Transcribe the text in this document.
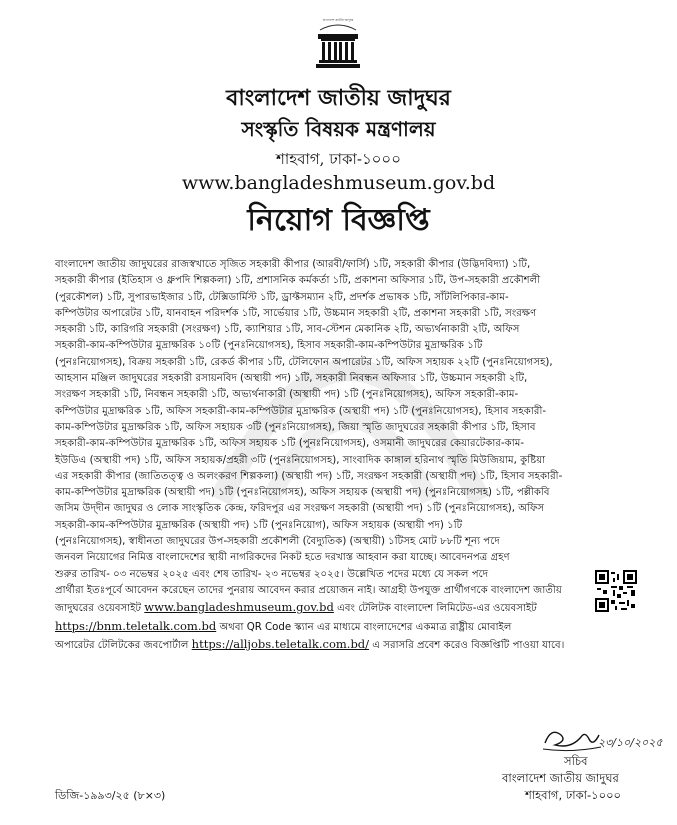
বাংলাদেশ জাতীয় জাদুঘর
বাংলাদেশ জাতীয় জাদুঘর
সংস্কৃতি বিষয়ক মন্ত্রণালয়
শাহবাগ, ঢাকা-১০০০
www.bangladeshmuseum.gov.bd
নিয়োগ বিজ্ঞপ্তি

বাংলাদেশ জাতীয় জাদুঘরের রাজস্বখাতে সৃজিত সহকারী কীপার (আরবী/ফার্সি) ১টি, সহকারী কীপার (উদ্ভিদবিদ্যা) ১টি,

সহকারী কীপার (ইতিহাস ও ধ্রুপদি শিল্পকলা) ১টি, প্রশাসনিক কর্মকর্তা ১টি, প্রকাশনা অফিসার ১টি, উপ-সহকারী প্রকৌশলী

(পুরকৌশল) ১টি, সুপারভাইজার ১টি, টেক্সিডার্মিস্ট ১টি, ড্রাফ্টসম্যান ২টি, প্রদর্শক প্রভাষক ১টি, সাঁটলিপিকার-কাম-

কম্পিউটার অপারেটর ১টি, যানবাহন পরিদর্শক ১টি, সার্ভেয়ার ১টি, উচ্চমান সহকারী ২টি, প্রকাশনা সহকারী ১টি, সংরক্ষণ

সহকারী ১টি, কারিগরি সহকারী (সংরক্ষণ) ১টি, ক্যাশিয়ার ১টি, সাব-স্টেশন মেকানিক ২টি, অভ্যর্থনাকারী ২টি, অফিস

সহকারী-কাম-কম্পিউটার মুদ্রাক্ষরিক ১০টি (পুনঃনিয়োগসহ), হিসাব সহকারী-কাম-কম্পিউটার মুদ্রাক্ষরিক ১টি

(পুনঃনিয়োগসহ), বিক্রয় সহকারী ১টি, রেকর্ড কীপার ১টি, টেলিফোন অপারেটর ১টি, অফিস সহায়ক ২২টি (পুনঃনিয়োগসহ),

আহসান মঞ্জিল জাদুঘরের সহকারী রসায়নবিদ (অস্থায়ী পদ) ১টি, সহকারী নিবন্ধন অফিসার ১টি, উচ্চমান সহকারী ২টি,

সংরক্ষণ সহকারী ১টি, নিবন্ধন সহকারী ১টি, অভ্যর্থনাকারী (অস্থায়ী পদ) ১টি (পুনঃনিয়োগসহ), অফিস সহকারী-কাম-

কম্পিউটার মুদ্রাক্ষরিক ১টি, অফিস সহকারী-কাম-কম্পিউটার মুদ্রাক্ষরিক (অস্থায়ী পদ) ১টি (পুনঃনিয়োগসহ), হিসাব সহকারী-

কাম-কম্পিউটার মুদ্রাক্ষরিক ১টি, অফিস সহায়ক ৩টি (পুনঃনিয়োগসহ), জিয়া স্মৃতি জাদুঘরের সহকারী কীপার ১টি, হিসাব

সহকারী-কাম-কম্পিউটার মুদ্রাক্ষরিক ১টি, অফিস সহায়ক ১টি (পুনঃনিয়োগসহ), ওসমানী জাদুঘরের কেয়ারটেকার-কাম-

ইউডিএ (অস্থায়ী পদ) ১টি, অফিস সহায়ক/প্রহরী ৩টি (পুনঃনিয়োগসহ), সাংবাদিক কাঙ্গাল হরিনাথ স্মৃতি মিউজিয়াম, কুষ্টিয়া

এর সহকারী কীপার (জাতিতত্ত্ব ও অলংকরণ শিল্পকলা) (অস্থায়ী পদ) ১টি, সংরক্ষণ সহকারী (অস্থায়ী পদ) ১টি, হিসাব সহকারী-

কাম-কম্পিউটার মুদ্রাক্ষরিক (অস্থায়ী পদ) ১টি (পুনঃনিয়োগসহ), অফিস সহায়ক (অস্থায়ী পদ) (পুনঃনিয়োগসহ) ১টি, পল্লীকবি

জসিম উদ্‌দীন জাদুঘর ও লোক সাংস্কৃতিক কেন্দ্র, ফরিদপুর এর সংরক্ষণ সহকারী (অস্থায়ী পদ) ১টি (পুনঃনিয়োগসহ), অফিস

সহকারী-কাম-কম্পিউটার মুদ্রাক্ষরিক (অস্থায়ী পদ) ১টি (পুনঃনিয়োগ), অফিস সহায়ক (অস্থায়ী পদ) ১টি

(পুনঃনিয়োগসহ), স্বাধীনতা জাদুঘরের উপ-সহকারী প্রকৌশলী (বৈদ্যুতিক) (অস্থায়ী) ১টিসহ মোট ৮৮টি শূন্য পদে

জনবল নিয়োগের নিমিত্ত বাংলাদেশের স্থায়ী নাগরিকদের নিকট হতে দরখাস্ত আহবান করা যাচ্ছে। আবেদনপত্র গ্রহণ

শুরুর তারিখ- ০৩ নভেম্বর ২০২৫ এবং শেষ তারিখ- ২৩ নভেম্বর ২০২৫। উল্লেখিত পদের মধ্যে যে সকল পদে

প্রার্থীরা ইতঃপূর্বে আবেদন করেছেন তাদের পুনরায় আবেদন করার প্রয়োজন নাই। আগ্রহী উপযুক্ত প্রার্থীগণকে বাংলাদেশ জাতীয়

জাদুঘরের ওয়েবসাইট www.bangladeshmuseum.gov.bd এবং টেলিটক বাংলাদেশ লিমিটেড-এর ওয়েবসাইট

https://bnm.teletalk.com.bd অথবা QR Code স্ক্যান এর মাধ্যমে বাংলাদেশের একমাত্র রাষ্ট্রীয় মোবাইল

অপারেটর টেলিটকের জবপোর্টাল https://alljobs.teletalk.com.bd/ এ সরাসরি প্রবেশ করেও বিজ্ঞপ্তিটি পাওয়া যাবে।

২৩/১০/২০২৫
সচিব
বাংলাদেশ জাতীয় জাদুঘর
শাহবাগ, ঢাকা-১০০০
ডিজি-১৯৯৩/২৫ (৮×৩)
